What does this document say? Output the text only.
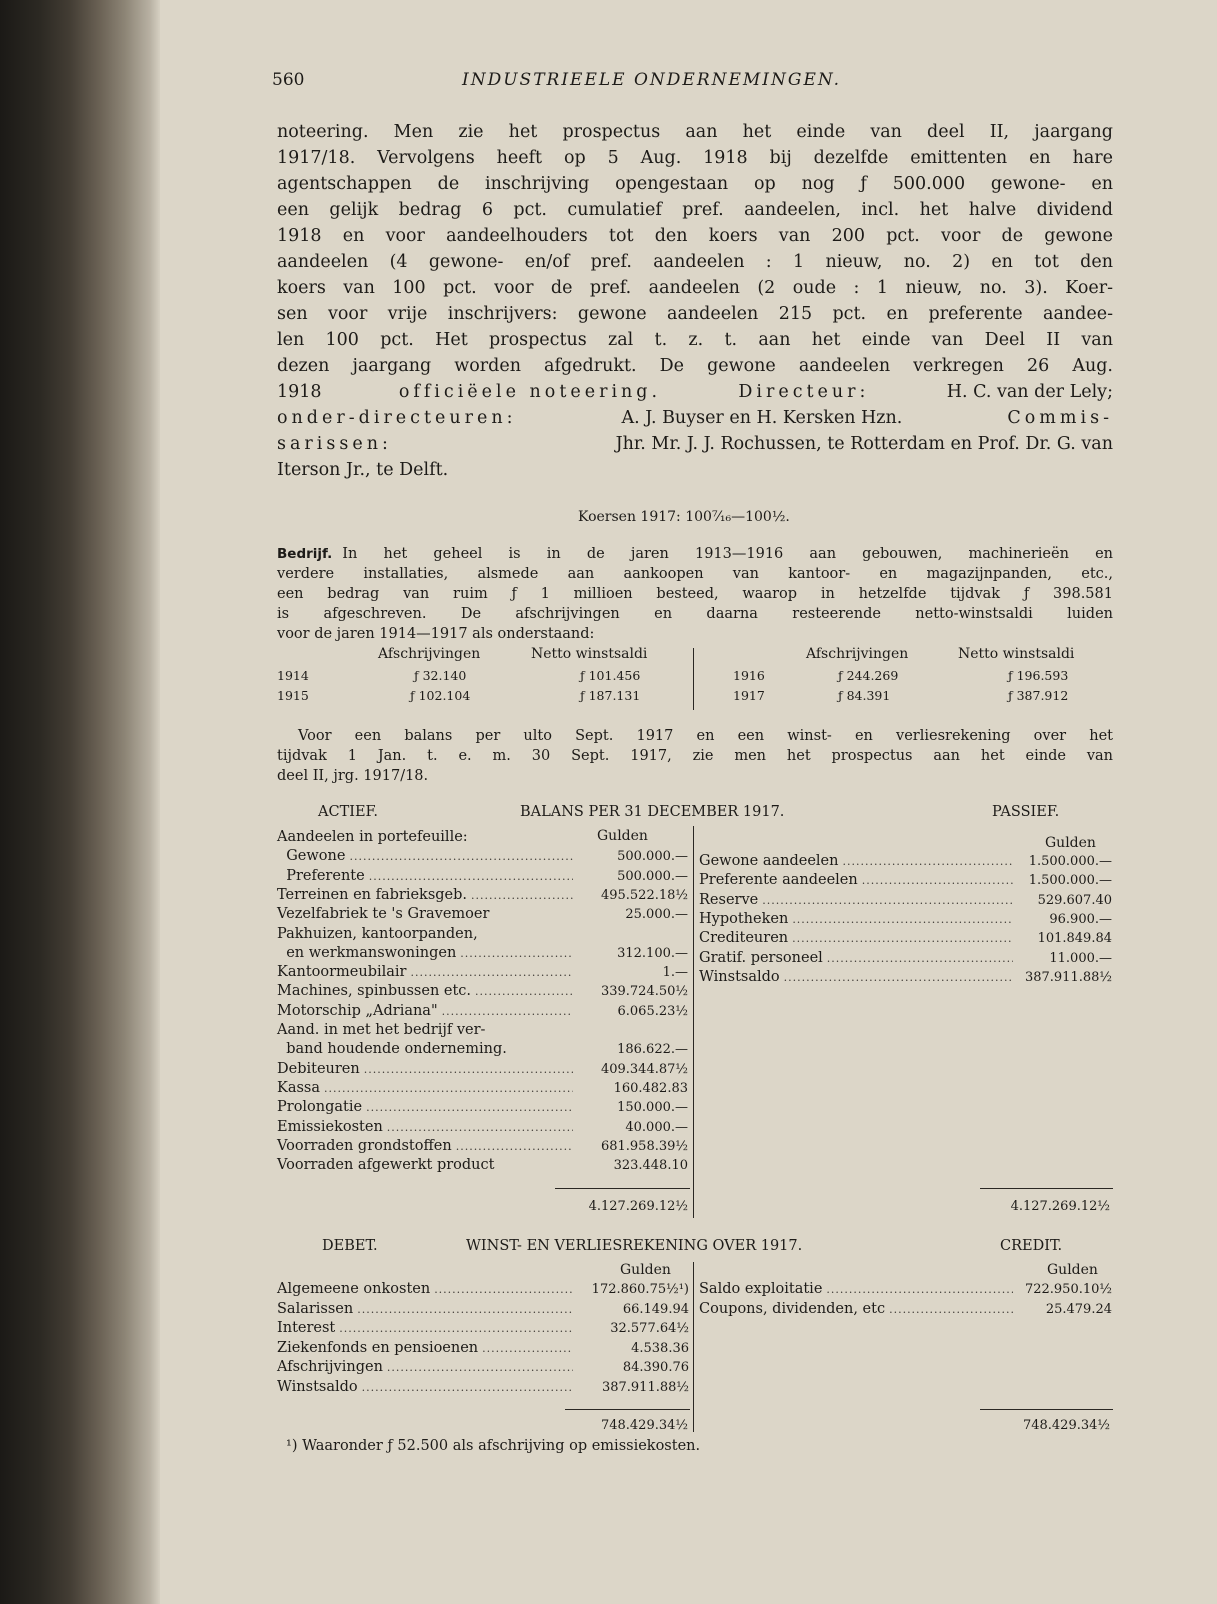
560	INDUSTRIEELE ONDERNEMINGEN.
noteering. Men zie het prospectus aan het einde van deel II, jaargang
1917/18. Vervolgens heeft op 5 Aug. 1918 bij dezelfde emittenten en hare
agentschappen de inschrijving opengestaan op nog ƒ 500.000 gewone- en
een gelijk bedrag 6 pct. cumulatief pref. aandeelen, incl. het halve dividend
1918 en voor aandeelhouders tot den koers van 200 pct. voor de gewone
aandeelen (4 gewone- en/of pref. aandeelen : 1 nieuw, no. 2) en tot den
koers van 100 pct. voor de pref. aandeelen (2 oude : 1 nieuw, no. 3). Koer-
sen voor vrije inschrijvers: gewone aandeelen 215 pct. en preferente aandee-
len 100 pct. Het prospectus zal t. z. t. aan het einde van Deel II van
dezen jaargang worden afgedrukt. De gewone aandeelen verkregen 26 Aug.
1918	officiëele noteering.	Directeur:	H. C. van der Lely;
onder-directeuren:	A. J. Buyser en H. Kersken Hzn.	Commis-
sarissen:	Jhr. Mr. J. J. Rochussen, te Rotterdam en Prof. Dr. G. van
Iterson Jr., te Delft.
Koersen 1917: 100⁷⁄₁₆—100½.
Bedrijf. In het geheel is in de jaren 1913—1916 aan gebouwen, machinerieën en
verdere installaties, alsmede aan aankoopen van kantoor- en magazijnpanden, etc.,
een bedrag van ruim ƒ 1 millioen besteed, waarop in hetzelfde tijdvak ƒ 398.581
is afgeschreven. De afschrijvingen en daarna resteerende netto-winstsaldi luiden
voor de jaren 1914—1917 als onderstaand:
Afschrijvingen	Netto winstsaldi	Afschrijvingen	Netto winstsaldi
1914	ƒ 32.140	ƒ 101.456
1915	ƒ 102.104	ƒ 187.131
1916	ƒ 244.269	ƒ 196.593
1917	ƒ 84.391	ƒ 387.912
Voor een balans per ulto Sept. 1917 en een winst- en verliesrekening over het
tijdvak 1 Jan. t. e. m. 30 Sept. 1917, zie men het prospectus aan het einde van
deel II, jrg. 1917/18.
ACTIEF.	BALANS PER 31 DECEMBER 1917.	PASSIEF.
Gulden	Gulden
Aandeelen in portefeuille:
Gewone .....	500.000.—
Preferente .....	500.000.—
Terreinen en fabrieksgeb. .....	495.522.18½
Vezelfabriek te 's Gravemoer	25.000.—
Pakhuizen, kantoorpanden,
en werkmanswoningen .....	312.100.—
Kantoormeubilair .....	1.—
Machines, spinbussen etc. .....	339.724.50½
Motorschip „Adriana" .....	6.065.23½
Aand. in met het bedrijf ver-
band houdende onderneming.	186.622.—
Debiteuren .....	409.344.87½
Kassa .....	160.482.83
Prolongatie .....	150.000.—
Emissiekosten .....	40.000.—
Voorraden grondstoffen .....	681.958.39½
Voorraden afgewerkt product	323.448.10
Gewone aandeelen .....	1.500.000.—
Preferente aandeelen .....	1.500.000.—
Reserve .....	529.607.40
Hypotheken .....	96.900.—
Crediteuren .....	101.849.84
Gratif. personeel .....	11.000.—
Winstsaldo .....	387.911.88½
4.127.269.12½	4.127.269.12½
DEBET.	WINST- EN VERLIESREKENING OVER 1917.	CREDIT.
Gulden	Gulden
Algemeene onkosten .....	172.860.75½¹)
Salarissen .....	66.149.94
Interest .....	32.577.64½
Ziekenfonds en pensioenen .....	4.538.36
Afschrijvingen .....	84.390.76
Winstsaldo .....	387.911.88½
Saldo exploitatie .....	722.950.10½
Coupons, dividenden, etc .....	25.479.24
748.429.34½	748.429.34½
¹) Waaronder ƒ 52.500 als afschrijving op emissiekosten.
